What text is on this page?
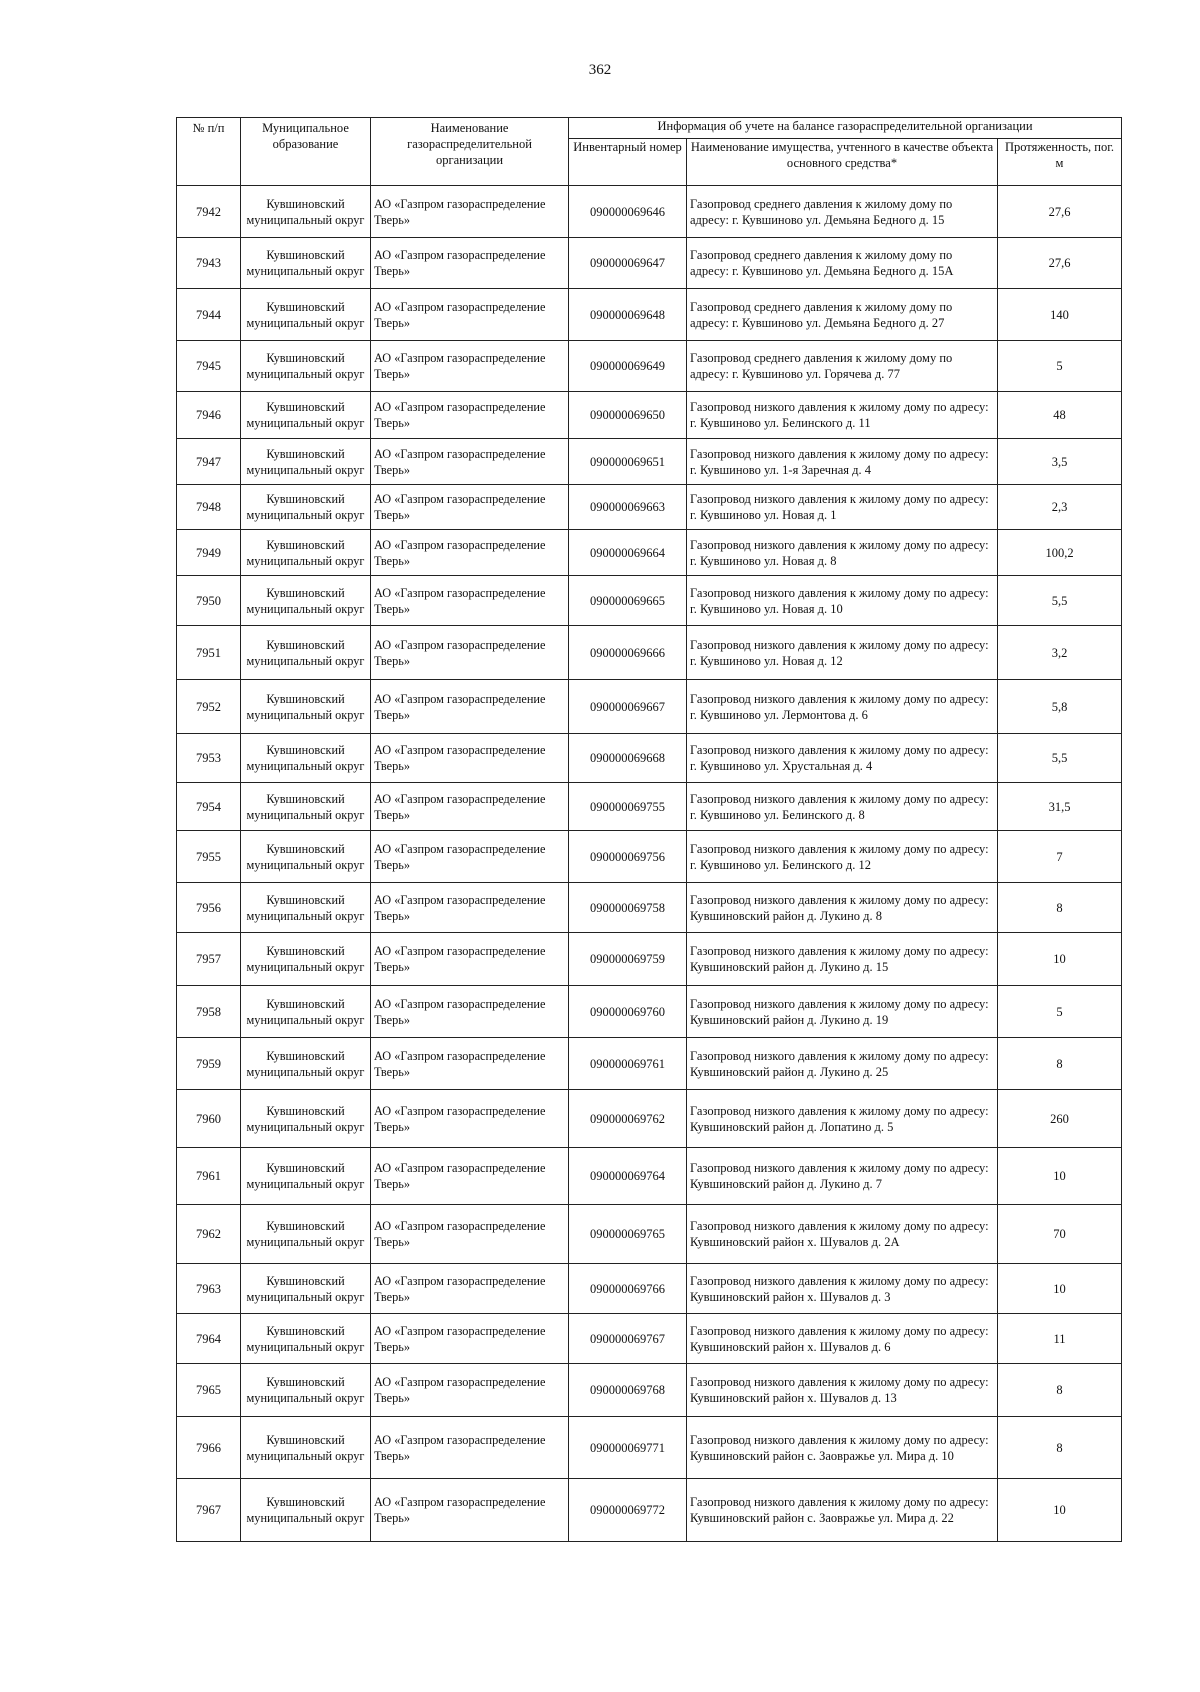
362
№ п/п	Муниципальное образование	Наименование газораспределительной организации	Информация об учете на балансе газораспределительной организации		
			Инвентарный номер	Наименование имущества, учтенного в качестве объекта основного средства*	Протяженность, пог. м
7942	Кувшиновский
муниципальный округ	АО «Газпром газораспределение
Тверь»	090000069646	Газопровод среднего давления к жилому дому по адресу: г. Кувшиново ул. Демьяна Бедного д. 15	27,6
7943	Кувшиновский
муниципальный округ	АО «Газпром газораспределение
Тверь»	090000069647	Газопровод среднего давления к жилому дому по адресу: г. Кувшиново ул. Демьяна Бедного д. 15А	27,6
7944	Кувшиновский
муниципальный округ	АО «Газпром газораспределение
Тверь»	090000069648	Газопровод среднего давления к жилому дому по адресу: г. Кувшиново ул. Демьяна Бедного д. 27	140
7945	Кувшиновский
муниципальный округ	АО «Газпром газораспределение
Тверь»	090000069649	Газопровод среднего давления к жилому дому по адресу: г. Кувшиново ул. Горячева д. 77	5
7946	Кувшиновский
муниципальный округ	АО «Газпром газораспределение
Тверь»	090000069650	Газопровод низкого давления к жилому дому по адресу: г. Кувшиново ул. Белинского д. 11	48
7947	Кувшиновский
муниципальный округ	АО «Газпром газораспределение
Тверь»	090000069651	Газопровод низкого давления к жилому дому по адресу: г. Кувшиново ул. 1-я Заречная д. 4	3,5
7948	Кувшиновский
муниципальный округ	АО «Газпром газораспределение
Тверь»	090000069663	Газопровод низкого давления к жилому дому по адресу: г. Кувшиново ул. Новая д. 1	2,3
7949	Кувшиновский
муниципальный округ	АО «Газпром газораспределение
Тверь»	090000069664	Газопровод низкого давления к жилому дому по адресу: г. Кувшиново ул. Новая д. 8	100,2
7950	Кувшиновский
муниципальный округ	АО «Газпром газораспределение
Тверь»	090000069665	Газопровод низкого давления к жилому дому по адресу: г. Кувшиново ул. Новая д. 10	5,5
7951	Кувшиновский
муниципальный округ	АО «Газпром газораспределение
Тверь»	090000069666	Газопровод низкого давления к жилому дому по адресу: г. Кувшиново ул. Новая д. 12	3,2
7952	Кувшиновский
муниципальный округ	АО «Газпром газораспределение
Тверь»	090000069667	Газопровод низкого давления к жилому дому по адресу: г. Кувшиново ул. Лермонтова д. 6	5,8
7953	Кувшиновский
муниципальный округ	АО «Газпром газораспределение
Тверь»	090000069668	Газопровод низкого давления к жилому дому по адресу: г. Кувшиново ул. Хрустальная д. 4	5,5
7954	Кувшиновский
муниципальный округ	АО «Газпром газораспределение
Тверь»	090000069755	Газопровод низкого давления к жилому дому по адресу: г. Кувшиново ул. Белинского д. 8	31,5
7955	Кувшиновский
муниципальный округ	АО «Газпром газораспределение
Тверь»	090000069756	Газопровод низкого давления к жилому дому по адресу: г. Кувшиново ул. Белинского д. 12	7
7956	Кувшиновский
муниципальный округ	АО «Газпром газораспределение
Тверь»	090000069758	Газопровод низкого давления к жилому дому по адресу: Кувшиновский район д. Лукино д. 8	8
7957	Кувшиновский
муниципальный округ	АО «Газпром газораспределение
Тверь»	090000069759	Газопровод низкого давления к жилому дому по адресу: Кувшиновский район д. Лукино д. 15	10
7958	Кувшиновский
муниципальный округ	АО «Газпром газораспределение
Тверь»	090000069760	Газопровод низкого давления к жилому дому по адресу: Кувшиновский район д. Лукино д. 19	5
7959	Кувшиновский
муниципальный округ	АО «Газпром газораспределение
Тверь»	090000069761	Газопровод низкого давления к жилому дому по адресу: Кувшиновский район д. Лукино д. 25	8
7960	Кувшиновский
муниципальный округ	АО «Газпром газораспределение
Тверь»	090000069762	Газопровод низкого давления к жилому дому по адресу: Кувшиновский район д. Лопатино д. 5	260
7961	Кувшиновский
муниципальный округ	АО «Газпром газораспределение
Тверь»	090000069764	Газопровод низкого давления к жилому дому по адресу: Кувшиновский район д. Лукино д. 7	10
7962	Кувшиновский
муниципальный округ	АО «Газпром газораспределение
Тверь»	090000069765	Газопровод низкого давления к жилому дому по адресу: Кувшиновский район х. Шувалов д. 2А	70
7963	Кувшиновский
муниципальный округ	АО «Газпром газораспределение
Тверь»	090000069766	Газопровод низкого давления к жилому дому по адресу: Кувшиновский район х. Шувалов д. 3	10
7964	Кувшиновский
муниципальный округ	АО «Газпром газораспределение
Тверь»	090000069767	Газопровод низкого давления к жилому дому по адресу: Кувшиновский район х. Шувалов д. 6	11
7965	Кувшиновский
муниципальный округ	АО «Газпром газораспределение
Тверь»	090000069768	Газопровод низкого давления к жилому дому по адресу: Кувшиновский район х. Шувалов д. 13	8
7966	Кувшиновский
муниципальный округ	АО «Газпром газораспределение
Тверь»	090000069771	Газопровод низкого давления к жилому дому по адресу: Кувшиновский район с. Заовражье ул. Мира д. 10	8
7967	Кувшиновский
муниципальный округ	АО «Газпром газораспределение
Тверь»	090000069772	Газопровод низкого давления к жилому дому по адресу: Кувшиновский район с. Заовражье ул. Мира д. 22	10
